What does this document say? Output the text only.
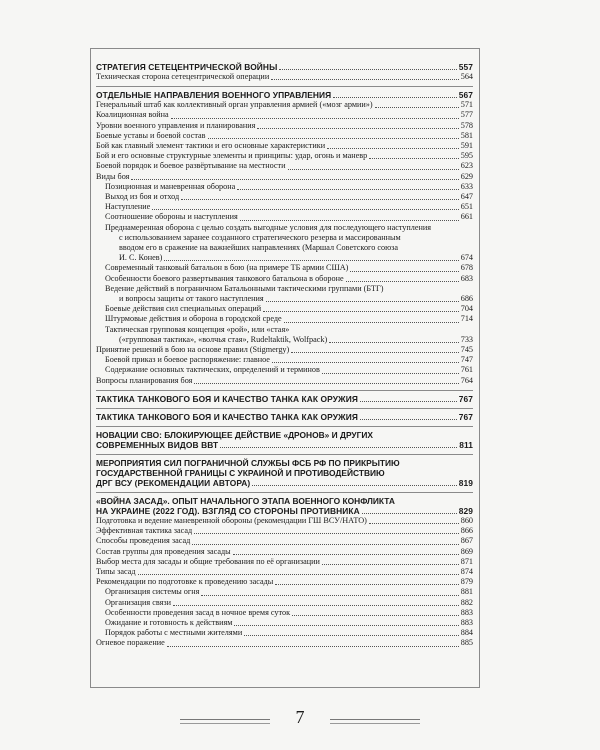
СТРАТЕГИЯ СЕТЕЦЕНТРИЧЕСКОЙ ВОЙНЫ	557
Техническая сторона сетецентрической операции	564
ОТДЕЛЬНЫЕ НАПРАВЛЕНИЯ ВОЕННОГО УПРАВЛЕНИЯ	567
Генеральный штаб как коллективный орган управления армией («мозг армии»)	571
Коалиционная война	577
Уровни военного управления и планирования	578
Боевые уставы и боевой состав	581
Бой как главный элемент тактики и его основные характеристики	591
Бой и его основные структурные элементы и принципы: удар, огонь и маневр	595
Боевой порядок и боевое развёртывание на местности	623
Виды боя	629
Позиционная и маневренная оборона	633
Выход из боя и отход	647
Наступление	651
Соотношение обороны и наступления	661
Преднамеренная оборона с целью создать выгодные условия для последующего наступления
с использованием заранее созданного стратегического резерва и массированным
вводом его в сражение на важнейших направлениях (Маршал Советского союза
И. С. Конев)	674
Современный танковый батальон в бою (на примере ТБ армии США)	678
Особенности боевого развертывания танкового батальона в обороне	683
Ведение действий в пограничном Батальонными тактическими группами (БТГ)
и вопросы защиты от такого наступления	686
Боевые действия сил специальных операций	704
Штурмовые действия и оборона в городской среде	714
Тактическая групповая концепция «рой», или «стая»
(«групповая тактика», «волчья стая», Rudeltaktik, Wolfpack)	733
Принятие решений в бою на основе правил (Stigmergy)	745
Боевой приказ и боевое распоряжение: главное	747
Содержание основных тактических, определений и терминов	761
Вопросы планирования боя	764
ТАКТИКА ТАНКОВОГО БОЯ И КАЧЕСТВО ТАНКА КАК ОРУЖИЯ	767
ТАКТИКА ТАНКОВОГО БОЯ И КАЧЕСТВО ТАНКА КАК ОРУЖИЯ	767
НОВАЦИИ СВО: БЛОКИРУЮЩЕЕ ДЕЙСТВИЕ «ДРОНОВ» И ДРУГИХ
СОВРЕМЕННЫХ ВИДОВ ВВТ	811
МЕРОПРИЯТИЯ СИЛ ПОГРАНИЧНОЙ СЛУЖБЫ ФСБ РФ ПО ПРИКРЫТИЮ
ГОСУДАРСТВЕННОЙ ГРАНИЦЫ С УКРАИНОЙ И ПРОТИВОДЕЙСТВИЮ
ДРГ ВСУ (РЕКОМЕНДАЦИИ АВТОРА)	819
«ВОЙНА ЗАСАД». ОПЫТ НАЧАЛЬНОГО ЭТАПА ВОЕННОГО КОНФЛИКТА
НА УКРАИНЕ (2022 ГОД). ВЗГЛЯД СО СТОРОНЫ ПРОТИВНИКА	829
Подготовка и ведение маневренной обороны (рекомендации ГШ ВСУ/НАТО)	860
Эффективная тактика засад	866
Способы проведения засад	867
Состав группы для проведения засады	869
Выбор места для засады и общие требования по её организации	871
Типы засад	874
Рекомендации по подготовке к проведению засады	879
Организация системы огня	881
Организация связи	882
Особенности проведения засад в ночное время суток	883
Ожидание и готовность к действиям	883
Порядок работы с местными жителями	884
Огневое поражение	885
7
